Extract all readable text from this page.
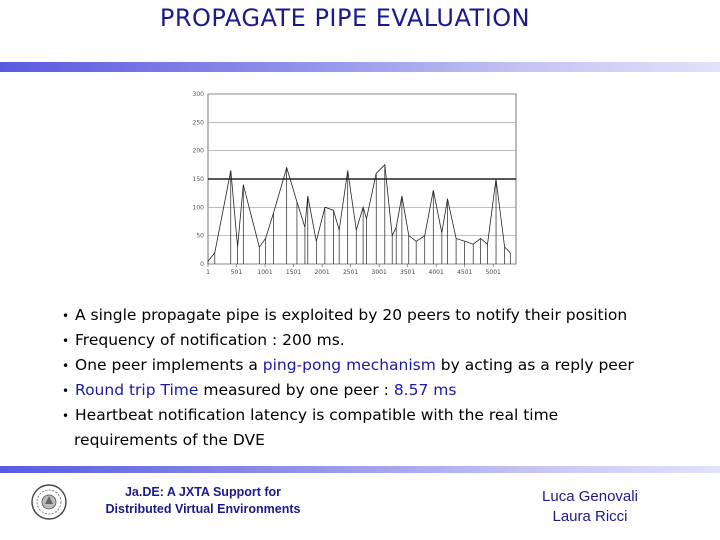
PROPAGATE PIPE EVALUATION
300
250
200
150
100
50
0
1	501	1001 1501 2001 2501 3001 3501 4001 4501 5001
• A single propagate pipe is exploited by 20 peers to notify their position
• Frequency of notification : 200 ms.
• One peer implements a ping-pong mechanism by acting as a reply peer
• Round trip Time measured by one peer : 8.57 ms
• Heartbeat notification latency is compatible with the real time
requirements of the DVE
Ja.DE: A JXTA Support for
Distributed Virtual Environments
Luca Genovali
Laura Ricci
